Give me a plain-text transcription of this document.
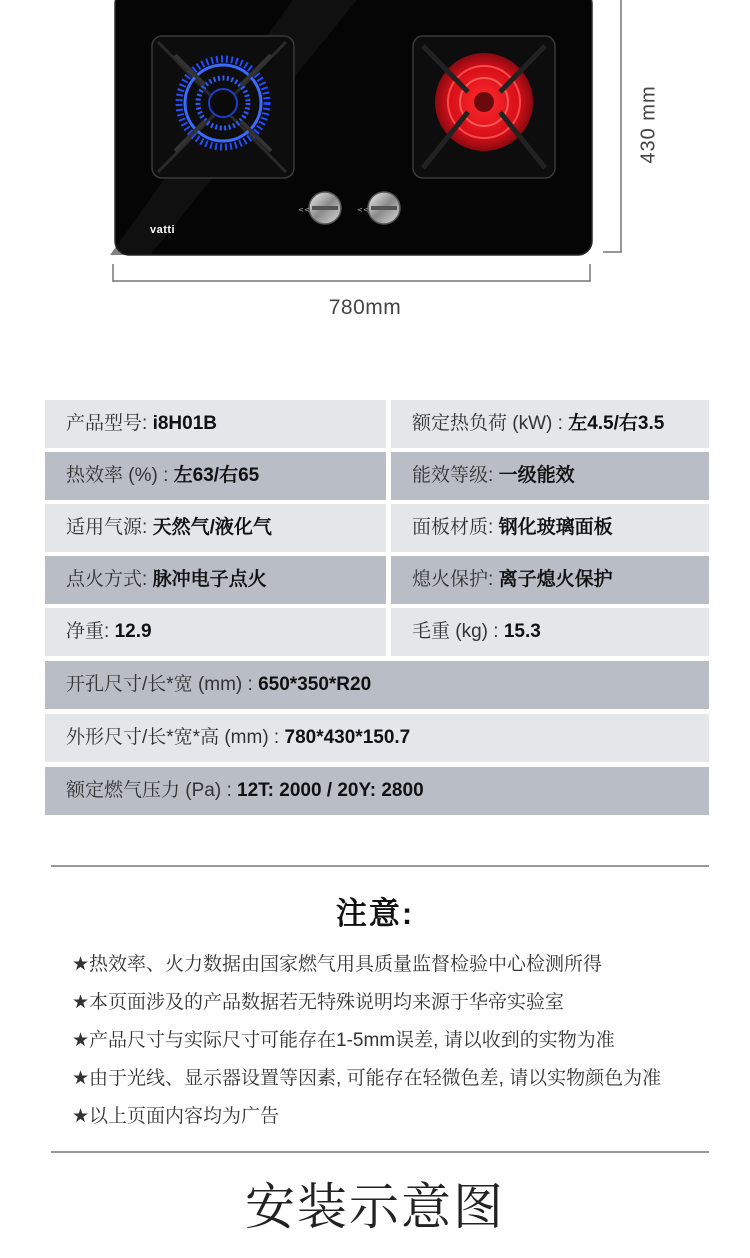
<<	<<
vatti
780mm
430 mm
产品型号: i8H01B	额定热负荷 (kW) : 左4.5/右3.5
热效率 (%) : 左63/右65	能效等级: 一级能效
适用气源: 天然气/液化气	面板材质: 钢化玻璃面板
点火方式: 脉冲电子点火	熄火保护: 离子熄火保护
净重: 12.9	毛重 (kg) : 15.3
开孔尺寸/长*宽 (mm) : 650*350*R20
外形尺寸/长*宽*高 (mm) : 780*430*150.7
额定燃气压力 (Pa) : 12T: 2000 / 20Y: 2800
注意:
★热效率、火力数据由国家燃气用具质量监督检验中心检测所得
★本页面涉及的产品数据若无特殊说明均来源于华帝实验室
★产品尺寸与实际尺寸可能存在1-5mm误差, 请以收到的实物为准
★由于光线、显示器设置等因素, 可能存在轻微色差, 请以实物颜色为准
★以上页面内容均为广告
安装示意图
